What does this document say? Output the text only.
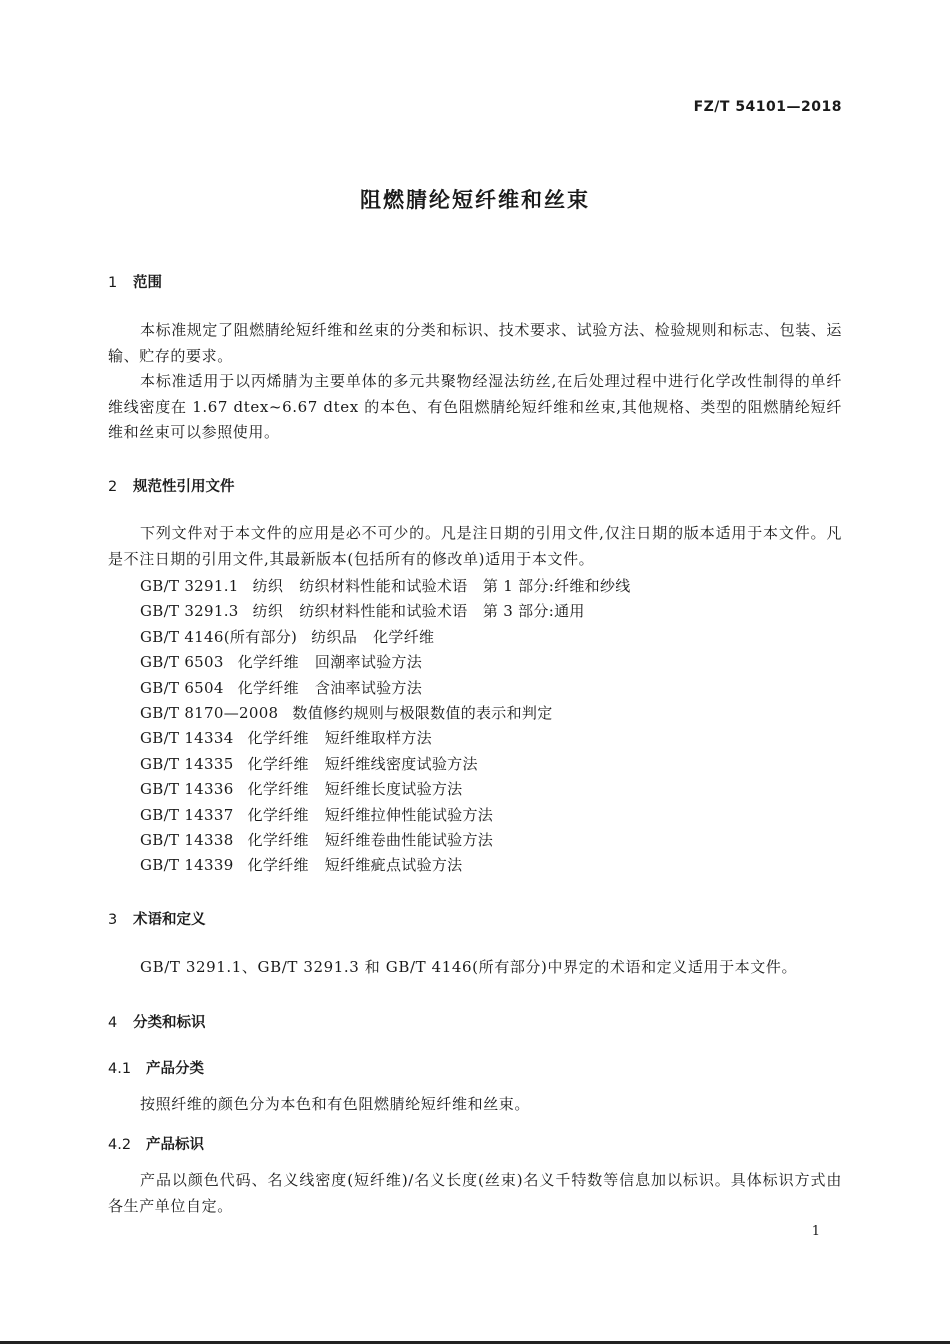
FZ/T 54101—2018
阻燃腈纶短纤维和丝束
1 范围
本标准规定了阻燃腈纶短纤维和丝束的分类和标识、技术要求、试验方法、检验规则和标志、包装、运输、贮存的要求。
本标准适用于以丙烯腈为主要单体的多元共聚物经湿法纺丝,在后处理过程中进行化学改性制得的单纤维线密度在 1.67 dtex~6.67 dtex 的本色、有色阻燃腈纶短纤维和丝束,其他规格、类型的阻燃腈纶短纤维和丝束可以参照使用。
2 规范性引用文件
下列文件对于本文件的应用是必不可少的。凡是注日期的引用文件,仅注日期的版本适用于本文件。凡是不注日期的引用文件,其最新版本(包括所有的修改单)适用于本文件。
GB/T 3291.1 纺织 纺织材料性能和试验术语　第 1 部分:纤维和纱线
GB/T 3291.3 纺织 纺织材料性能和试验术语　第 3 部分:通用
GB/T 4146(所有部分) 纺织品 化学纤维
GB/T 6503 化学纤维 回潮率试验方法
GB/T 6504 化学纤维 含油率试验方法
GB/T 8170—2008 数值修约规则与极限数值的表示和判定
GB/T 14334 化学纤维 短纤维取样方法
GB/T 14335 化学纤维 短纤维线密度试验方法
GB/T 14336 化学纤维 短纤维长度试验方法
GB/T 14337 化学纤维 短纤维拉伸性能试验方法
GB/T 14338 化学纤维 短纤维卷曲性能试验方法
GB/T 14339 化学纤维 短纤维疵点试验方法
3 术语和定义
GB/T 3291.1、GB/T 3291.3 和 GB/T 4146(所有部分)中界定的术语和定义适用于本文件。
4 分类和标识
4.1 产品分类
按照纤维的颜色分为本色和有色阻燃腈纶短纤维和丝束。
4.2 产品标识
产品以颜色代码、名义线密度(短纤维)/名义长度(丝束)名义千特数等信息加以标识。具体标识方式由各生产单位自定。
1
